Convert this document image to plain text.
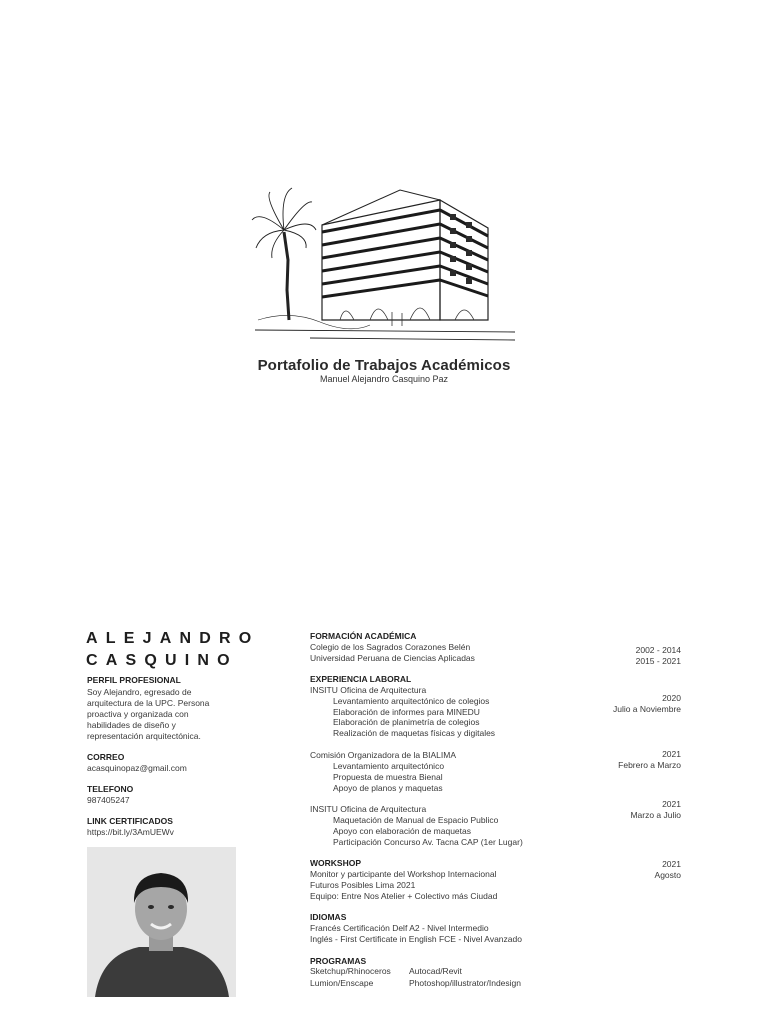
Portafolio de Trabajos Académicos
Manuel Alejandro Casquino Paz
ALEJANDRO
CASQUINO
PERFIL PROFESIONAL
Soy Alejandro, egresado de
arquitectura de la UPC. Persona
proactiva y organizada con
habilidades de diseño y
representación arquitectónica.
CORREO
acasquinopaz@gmail.com
TELEFONO
987405247
LINK CERTIFICADOS
https://bit.ly/3AmUEWv
FORMACIÓN ACADÉMICA
Colegio de los Sagrados Corazones Belén	2002 - 2014
Universidad Peruana de Ciencias Aplicadas	2015 - 2021
EXPERIENCIA LABORAL
INSITU Oficina de Arquitectura
Levantamiento arquitectónico de colegios
Elaboración de informes para MINEDU
Elaboración de planimetría de colegios
Realización de maquetas físicas y digitales
2020
Julio a Noviembre
Comisión Organizadora de la BIALIMA
Levantamiento arquitectónico
Propuesta de muestra Bienal
Apoyo de planos y maquetas
2021
Febrero a Marzo
INSITU Oficina de Arquitectura
Maquetación de Manual de Espacio Publico
Apoyo con elaboración de maquetas
Participación Concurso Av. Tacna CAP (1er Lugar)
2021
Marzo a Julio
WORKSHOP
Monitor y participante del Workshop Internacional
Futuros Posibles Lima 2021
Equipo: Entre Nos Atelier + Colectivo más Ciudad
2021
Agosto
IDIOMAS
Francés Certificación Delf A2 - Nivel Intermedio
Inglés - First Certificate in English FCE - Nivel Avanzado
PROGRAMAS
Sketchup/Rhinoceros
Lumion/Enscape
Autocad/Revit
Photoshop/illustrator/Indesign
